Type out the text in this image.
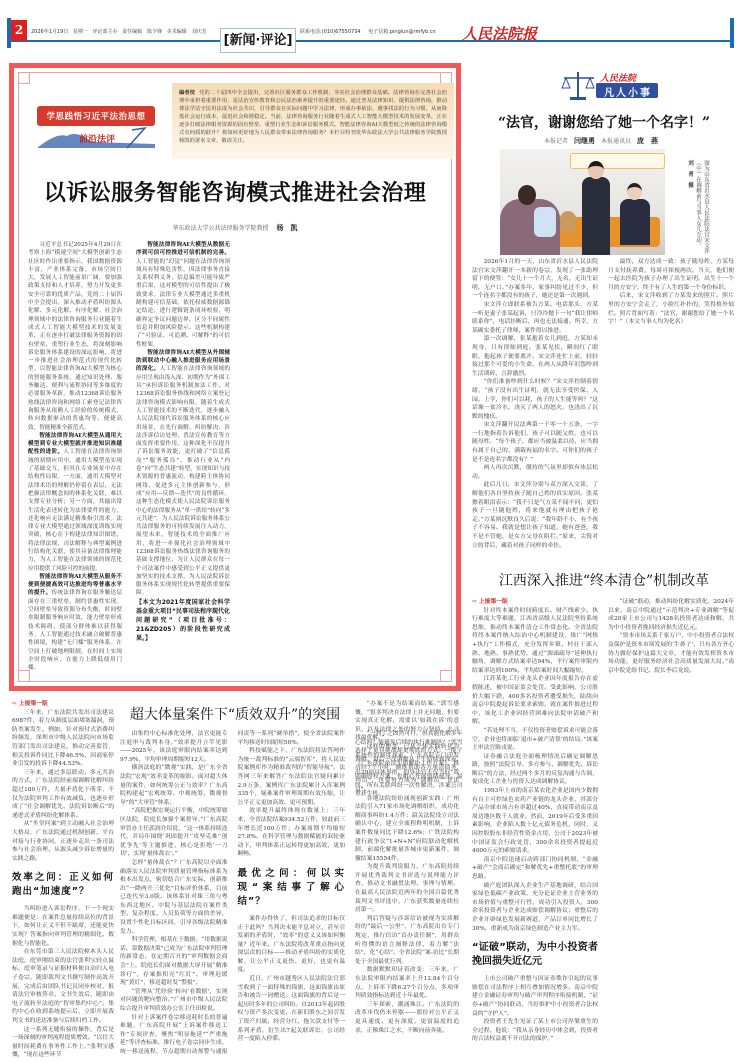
2版
2026年1月19日 星期一 评论部主办 责任编辑　陈少锋 美术编辑　刘庆芳
[新闻·评论]
联系电话:(010)67550734 电子信箱:pinglun@rmfyb.cn	人民法院报
学思践悟习近平法治思想
前沿法评
编者按 党的二十届四中全会提出，完善社区服务群众工作机制，夯实社会治理群众基础。法律咨询在完善社会治理中承担着重要作用，是法治宣传教育和公民法治素养提升的重要途径。通过普及法律知识、提供法律咨询，推动尊法学法守法用法成为社会共识，引导群众在实际问题中学习法律，形成办事依法、遇事找法的行为习惯，从而降低社会运行成本，促进社会和谐稳定。当前，法律咨询服务行业随着生成式人工智能大模型技术的发展变革，正在逐步打破法律服务资源的固有壁垒，重塑行业生态和诉讼服务模式。智能法律咨询AI大模型较之传统的法律咨询模式有何质的跃升？将如何更好地为人民群众带来法律咨询服务？本栏目特刊发华东政法大学公共法律服务学院教授杨凯的署名文章，敬请关注。
以诉讼服务智能咨询模式推进社会治理
华东政法大学公共法律服务学院教授 杨　凯

习近平总书记2025年4月29日在考察上海“模速空间”大模型创新生态社区时作出重要指示，我国数据资源丰富，产业体系完备，市场空间巨大，发展人工智能前景广阔。要加强政策支持和人才培养，努力开发更多安全可靠的优质产品。党的二十届四中全会提出，深入推动矛盾纠纷源头化解、多元化解、有序化解。社会治理领域中的法律咨询服务行业随着生成式人工智能大模型技术的发展变革，正在逐步打破法律服务资源的固有壁垒，重塑行业生态，将深刻影响诉讼服务体系建设的深远影响，将进一步推进社会治理范式的现代化转型。以智能法律咨询AI大模型为核心的智能服务系统，通过知识处理、服务触达、便利与流程协同等多维度的必要服务革新，推动12368诉讼服务热线法律咨询和网络工索登记法律咨询服务从依赖人工经验的传统模式，转向数据驱动的普惠均等、便捷高效、智能精准全新范式。

智能法律咨询AI大模型从通用大模型到专业大模型就并推进知识准越配性的进阶。人工智能在法律咨询领域的初期应用中，通用大模型虽实现了基础交互，但其在专业场景中存在结构性局限。一方面，通用大模型对法律术语的理解仍停留在表层，无法把握法律概念间的体系化关联，难以支撑专业分析；另一方面，其输出常生活化表述转化为法律要件的能力，还化响应无法满足精准指引需求。法律专业大模型通过领域深度训练实现突破，核心在于构建法律知识图谱，将法律法规、司法解释与典型案例进行结构化关联，使其具备法律推理能力，为人工智能在法律领域的规范化应用提供了风险可控的前提。

智能法律咨询AI大模型从服务不便到便捷高效可达推进均等普惠水平的提升。传统法律咨询在服务触达层面存在三重壁垒，制约普惠性实现。空间壁垒导致资源分布失衡，时间壁垒限制服务响应时效，能力壁垒形成技术障碍，使部分群体难以获得服务。人工智能通过技术融合破解普惠性困境，构建“无门槛”服务体系。在空间上打破地理限制，在时间上实现全时段响应，在能力上降低使用门槛。

智能法律咨询AI大模型从数据无序到可信可控推进可信机制的完善。人工智能的“幻觉”问题在法律咨询领域具有特殊危害性，因法律事务直接关系权利义务，信息偏差可能导致严重后果，这对模型的可信性提出了极致要求。法律专业大模型通过多重机制构建可信基础，依托权威数据源锚定结论，进行逻辑链条闭环校验，明确界定争议问题边界，区分不同属性信息并附加风险提示。这些机制构建了“可验证、可追溯、可解释”的可信性框架。

智能法律咨询AI大模型从外围辅助到联动中心融入推进服务应用场景的深化。人工智能在法律咨询领域的应用呈现由浅入深、初期作为“外围工具”承担诉讼服务机制加法工作，对12368诉讼服务热线和网络立案登记法律咨询模式影响有限。随着生成式人工智能技术的不断迭代，逐步融入人民法院现代诉讼服务体系的核心应用场景，在先行调解、纠纷解决、涉法涉诉信访处理、普法宣传教育等方面发挥重要作用。这种深化不仅提升了诉讼服务效能，更打破了“信息孤岛”“服务孤岛”，推动行业从“内卷”向“生态共建”转型，实现知识与技术资源的普惠流动，构建跨主体协同网络，促进多元主体创新参与，形成“应用—反馈—迭代”的良性循环。这种生态化模式使人民法院诉讼服务中心的法律服务从“单一供给”转向“多元共建”，为人民法院诉讼服务体系公共法律服务的可持续发展注入动力。展望未来，智能技术的全面推广应用，将进一步强化社会治理领域中12368诉讼服务热线法律咨询服务的基础支撑地位，为让人民群众在每一个司法案件中感受到公平正义提供更加坚实的技术支撑，为人民法院诉讼服务体系实现现代化转型提供重要保障。

【本文为2021年度国家社会科学基金重大项目“民事司法程序现代化问题研究”（项目批准号：21&ZD205）的阶段性研究成果。】

人民法院
凡人小事
“法官，谢谢您给了她一个名字！”
本报记者 闫继勇 本报通讯员 庞　燕
图为山东省沂水县人民法院法官宋文萍（中）在调解前与当事人女儿互动。 刘　青　摄

2026年1月的一天，山东省沂水县人民法院法官宋文萍翻开一本新的卷宗，发现了一张助理留下的便签：“女儿十一个月大，无名，无出生证明，无户口。”办案多年，家事纠纷见过不少，但一个连名字都没有的孩子，她还是第一次遇到。

宋文萍立即联系被告方某。电话那头，方某一听是妻子张某起诉，只冷冷抛下一句“我让律师联系你”，电话挂断后，再也无法接通。所幸，方某确实委托了律师，案件得以推进。

第一次调解，张某抱着女儿到庭，方某却未现身，只有律师到庭。张某见状，瞬间红了眼眶，抱起孩子便要离开。宋文萍连忙上前，轻轻接过那个可爱的小生命。在两人从降年旧怨吵到生活琐碎，言辞激烈。

“你们准备吵到什么时候？”宋文萍控制着情绪，“孩子没有出生证明，就无法享受医保、入园、上学，你们可以耗，孩子的人生能等吗？”这话像一盆冷水，浇灭了两人的怒火，也浇出了沉默的愧疚。

宋文萍翻开民法典第一千零一十五条，一字一行地指着告诉他们，孩子可以随父姓，也可以随母姓。“每个孩子，都应当被温柔以待，应当拥有属于自己的、满载祝福的名字。可你们的孩子是不是连名字都没有？”

两人再次沉默，僵持的气氛里却似有冰层松动。

此后几日，宋文萍分别与双方深入交谈，了解他们各自坚持孩子随自己姓的真实原因。张某擦着眼泪表示：“我不只是气方某不闻不问，更怕孩子一旦随他姓，将来他就有理由把孩子抢走。”方某则沉默良久后说：“我年龄不小，有个孩子不容易。我就是想让孩子知道，她有爸爸。我不是不管她，是女方父母在阻拦。”原来，尖锐对立的背后，藏着对孩子同样的牵挂。

最终，双方达成一致：孩子随母姓，方某每月支付抚养费，每周可探视两次。当天，他们便一起去医院为孩子办理了出生证明。出生十一个月的方安宁，终于有了人生的第一个身份标识。

后来，宋文萍收到了方某发来的照片。照片里的方安宁会走了，小脸红扑扑的，笑得格外灿烂。照片背面写着：“法官，谢谢您给了她一个名字！”（本文当事人均为化名）

江西深入推进“终本清仓”机制改革

⇨ 上接第一版

针对终本案件时间跨度长、财产线索少、执行难度大等难题，江西省高级人民法院坚持系统思维，推动终本案件清仓工作常态化。全省法院将终本案件纳入综治中心机制建设，推广“网格+执行”工作模式，充分发挥乡镇、村社干部人熟、地熟、事熟优势，通过“源頭疏导”延伸执行触角，调解方式结案率达94%，平行案件审限内结案率达到100%，平均结案时间大幅缩短。

江苏某化工行业龙头企业因年度报告存在虚假陈述，被中国证监会处罚。受此影响，公司股价大幅下跌，400多名投资者遭受损失，陆续向南京中院提起诉讼要求索赔。就在案件推进过程中，该化工企业因经营困难向法院申请破产和解。

“若处理不当，不仅投资者赔偿诉求可能会落空，企业也将面临‘退市+破产清算’的结局。”该案主审法官陈戎说。

证券融合法庭全面梳理情况后确定调解思路，按照“法院引导、多方参与、调解优先、诉讼断后”的方法，经过两个多月的反复沟通与告调，促成化工企业与投资人达成调解协议。

1993年上市的南京某农化企业是国内少数拥有自主可控绿色农药产业链的龙头企业，其部分产品全球市场占有率超过40%，直接带动南京及周边地区数千人就业。然而，2019年后受多重因素影响，企业陷入数十亿元债务危机，同时，又因控股股东非经营性资金占用，公司于2023年被中国证监会行政处罚，300余名投资者提起近4000万元的索赔请求。

南京中院迅速启动跨部门协同机制，“金融+破产”会商后确定“和解优先+重整托底”的审理思路。

破产庭团队深入企业生产基地调研，结合国家绿色低碳产业政策，充分论证企业主营业务的市场价值与重整可行性，成功引入投资人，300余名投资者与企业达成赔偿调解协议；重整后的企业开辟绿色发展新赛道，产品订单同比增长了30%，重新成为南京绿色制造产业主力军。

“证破”联动，为中小投资者挽回损失近亿元

上市公司破产重整与因证券欺诈引起的民事赔偿在司法程序上相互叠加情况增多。南京中院建立金融证券审判与破产审判程序衔接机制，“证券+破产”协同联动，当好维护中小投资者合法权益的“守护人”。

投资者王先生见证了某上市公司涅槃重生的全过程。他说：“我从亲身经历中体会到，投资者的合法权益离不开司法的保护。”

“证破”联动，推动纠纷化解实质化。2024年以来，南京中院通过“示范判决+专业调解”等促成20家上市公司与1428名投资者达成和解，共为中小投资者挽回经济损失近亿元。

“资本市场关系千家万户，中小投资者合法权益保护是资本市场发展的‘牛鼻子’，只有各方齐心协力做好保护这篇大文章，才能有效发挥资本市场功能，更好服务经济社会高质量发展大局。”南京中院党组书记、院长李后龙说。

超大体量案件下“质效双升”的突围

⇨ 上接第一版

三年来，广东法院共发出司法建议6987件，着力从制度层面堵塞漏洞，预防类案发生。例如，针对预付式消费纠纷频发，深圳市中级人民法院向市场监管部门发出司法建议，推动完善监管，相关投诉件同比下降46.5%，因商家停业引发的投诉下降44.53%。

三年来，通过多层联动、多元共治的方式，广东法院经前端调解化解纠纷超过180万件，大量矛盾化于萌芽，不仅为法院审判工作有效减负，也逐步形成了“社会调解优先、法院诉讼断后”的递进式矛盾纠纷化解体系。

从“坐堂问案”到主动融入社会治理大格局，广东法院通过机制创新、平台对接与行业协同，正逐步走出一条司法参与社会治理、从源头减少诉讼增量的实践之路。

效率之问：正义如何跑出“加速度”？

当纠纷进入诉讼程序，下一个现实难题便是：在案件总量持续高位的背景下，如何让正义不但不缺席，还能更快实现？答案指向审判管理的精细化、数据化与智能化。

在东莞市第三人民法院樟木头人民法庭，庭审刚结束的法官张利宝轻点鼠标，庭审笔录与证据材料便自动归入电子卷宗，随即裁判文书撰写制作高效开展，完成后由团队书记员同步校对，报请法官审核签章。文书生效后，随即由电子流转至法庭的“智审集约中心”。集约中心在收到系统提示后，立即开展裁判文书的送达准备与后续归档工作。

这一系列无缝衔接的操作，背后是一场深刻的审判流程提质增效。“以往大量时间耗费在事务性工作上。”张利宝感慨，“现在这些环节

由集约中心标准化处理，法官更能专注庭审与裁判本身。”效率提升立竿见影——2025年，该法庭审限内结案率达到97.9%，平均审理周期缩短12天。

横沥法庭的“微观”实践，是广东全省法院“宏观”效率变革的缩影。面对超大体量的案件，如何统筹公正与效率？广东高院构建起“宏观统筹、中观统筹、微观督导”的“大审管”体系。

“高院把握宏观运行平衡，中院统筹辖区法院，院庭长加强个案督导。”广东高院审管办主任郭润介绍说，“这一体系持续迭代，并局年围绕‘巩固提升’‘攻坚克难’‘创优争先’等主题推进，核心是拒绝‘一刀切’，实现‘量体裁衣’。”

怎样“量体裁衣”？广东高院以全面准确落实人民法院审判质量管理指标体系为根本出发点，密切结合广东实际，创新推出“一降两升三优化”目标评价体系，目前已迭代至3.0版。该体系针对珠三角与粤东西北地区、中院与基层法院在案件类型、复杂程度、人员负荷等方面的差异，设置个性化目标区间，引导各级法院精准发力。

科学管理，根基在于数据。“用数据说话、靠数据决策”已成为广东法院审判管理的新常态。在定期召开的“审判数据会商会”上，院庭长们面对数据大屏开展“精准诊疗”，存案推积亮“红灯”、审理迟缓现“黄灯”，移送超时发“警报”。

“管理从‘凭经验’转向‘看数据’，实现对问题的靶向整治。”广州市中级人民法院综合提升审判质效办公室主任田检说。

针对上诉案件卷宗移送耗时长的普遍难题，广东高院开展“上诉案件移送工作”专项评查，聚焦“明显拖延”“严重拖延”等评查标准，推行电子卷宗同步生成、统一移送流程、节点超期自动预警与通报问责等一系列“硬举措”，使全省法院案件平均移送时间缩短50%。

科技赋能之下，广东法院将法答网作为统一裁判标准的“云端智库”，将人民法院案例库作为精准裁判的“智能导航”。法答网三年来解答广东法院法官疑问累计2.9万条，案例库广东法院累计入库案例335个，疑难案件审理周期有效压缩，让公平正义更加高效、更可预期。

效率提升最终体现在数量上：三年来，全省法院结案934.52万件，较此前三年增长近100万件；办案周期平均缩短27.8%。在科学管理与数据赋能的双轮驱动下，审判体系正运转得更加高效、更加顺畅。

最优之问：何以实现“案结事了解心结”？

案件办得快了，但司法追求的目标仅止于此吗？当判决未能平息对立，甚至引发新的矛盾时，“效率”的意义又该如何衡量？近年来，广东法院将改革重点指向更深层次的目标——推动矛盾纠纷的实质化解，让公平正义更快、更好，也更有温度。

近日，广州市越秀区人民法院法官郭雪收到了一面特殊的锦旗，这面锦旗由原告和被告一同赠送。这面锦旗的背后是一起历时多年的公司纠纷。自2013年起因股权与资产多次变更，在新旧股东之间引发了资产归属、经营分红、拖欠款支付等一系列矛盾，衍生出7起关联诉讼，公司经营一度陷入停滞。

“一判了之固然可行，但真能化解多年心结吗？能避免后续的执行难题吗？”郭雪选择了更具挑战却更彻底的方式：一揽子调解。最后一次调解从下午持续到深夜，历经7个小时，她既帮助各方厘清债务，明确股权方案，也耐心开展情绪疏导。最终，所有关联纠纷一次性解决，涉案公司重获生机。

“办案不是为结案而结案。”郭雪感慨，“很多判决在法律上并无问题，但要实现真正化解，需要以‘如我在诉’的意识，以及法律之外的努力与坚持，去寻找最优解。”

这样的理念，已从个体实践转化为系统性的制度探索。广东高院专门印发《广东法院依法实质解纷工作方案》，推出29项具体举措，倡导法官不仅当好“裁判员”，也要努力成为“调解员”“普法员”。

各地法院纷纷涌现创新实践：广州法院引入71家市场化调解组织，成功化解商事纠纷1.4万件；韶关法院设立司法确认中心，建立全流程释明机制，上诉案件数量同比下降12.6%；广铁法院构建行政争议“1+N+N”府院联动化解机制，前端化解批量涉城市更新案件，调撤结案15554件。

为提升裁判说服力，广东高院持续开展优秀裁判文书评选与说理能力评查，推动文书融贯法理、事理与情理。在最高人民法院近两年的全国百篇优秀裁判文书评选中，广东获奖数量连续位居第一。

判后答疑与涉诉信访被视为实质解纷的“最后一公里”。广东高院出台专门规定，推行信访“首办责任制”，用群众听得懂的语言阐释法律，着力解“法结”，化“心结”。全省法院“案-访比”长期处于全国最优行列。

数据默默印证着改变：三年来，广东法院审限内结案率上升12.84个百分点，上诉率下降6.27个百分点，多项审判质效指标达到近十年最优。

三年探索，潮涌珠江。广东法院的改革步伐仍未停歇——那份对公平正义更具速度、更有深度、更富温度的追求，正像珠江之水，不断向前奔流。
